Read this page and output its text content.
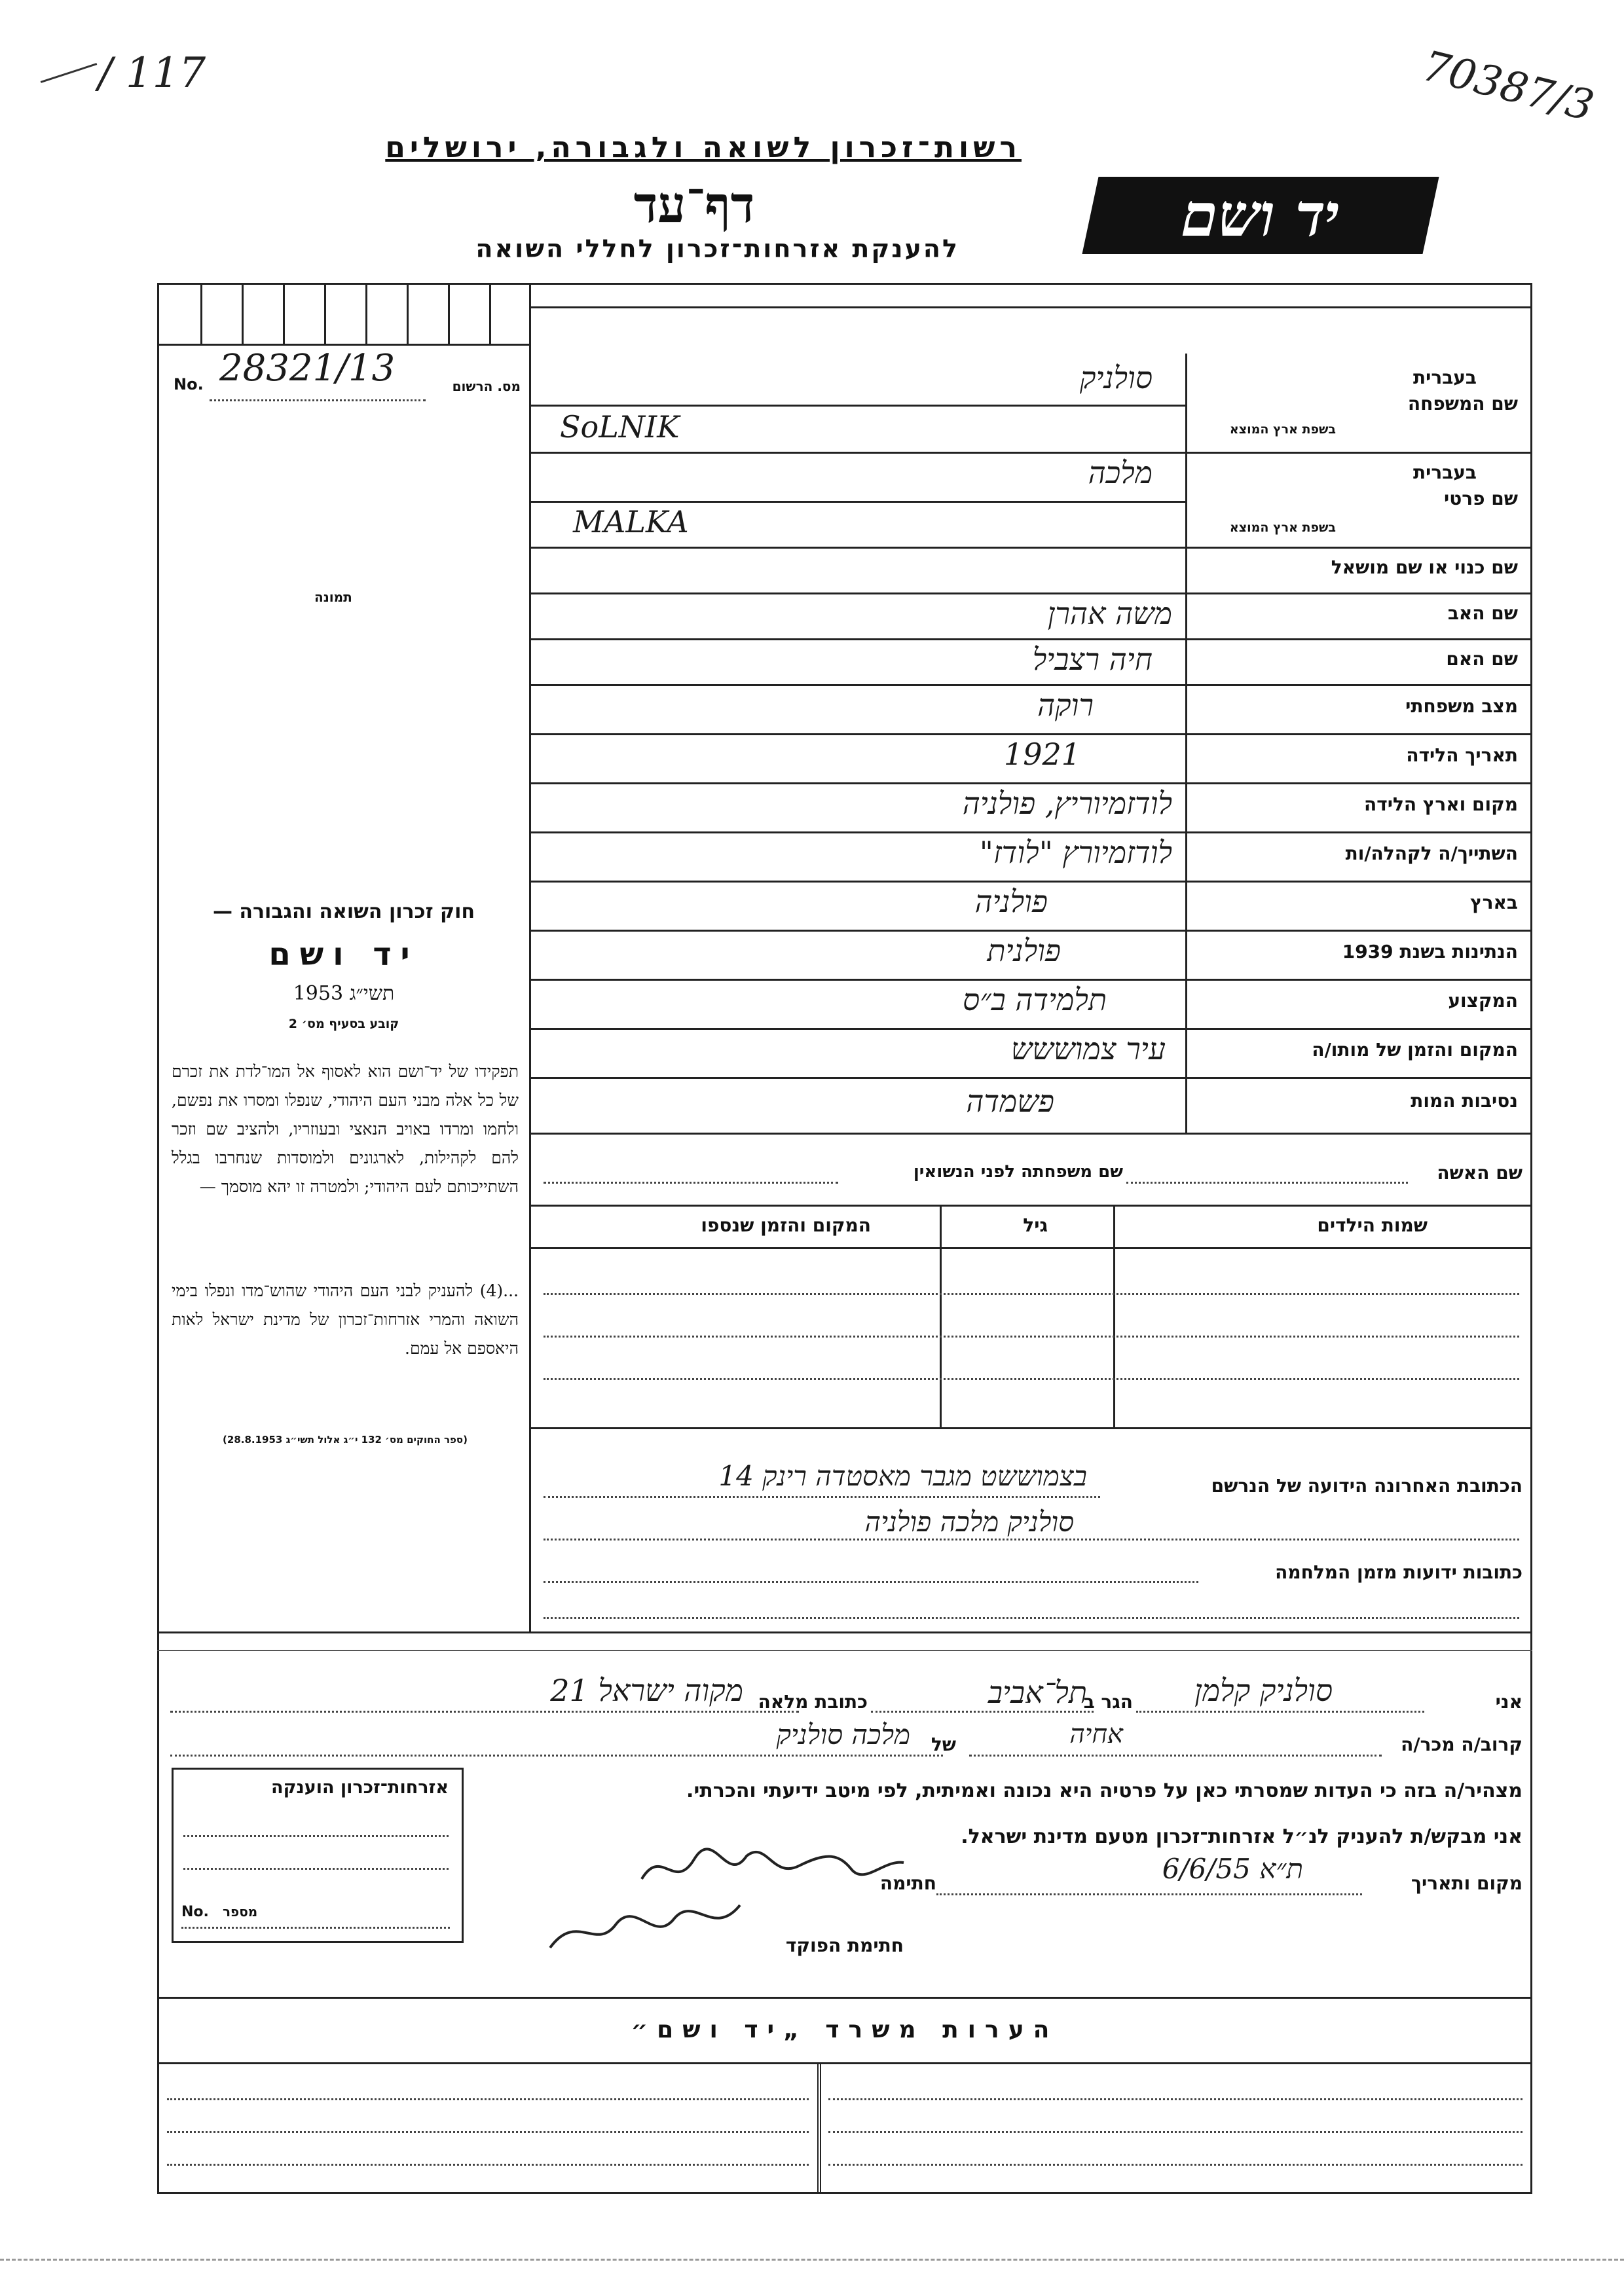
/ 117	70387/3
רשות־זכרון לשואה ולגבורה, ירושלים
יד ושם
דף־עד
להענקת אזרחות־זכרון לחללי השואה
No. 28321/13	מס. הרשום
תמונה
בעברית
שם המשפחה
בשפת ארץ המוצא
בעברית
שם פרטי
בשפת ארץ המוצא
שם כנוי או שם מושאל
שם האב
שם האם
מצב משפחתי
תאריך הלידה
מקום וארץ הלידה
השתייך/ה לקהלה/ות
בארץ
הנתינות בשנת 1939
המקצוע
המקום והזמן של מותו/ה
נסיבות המות
סולניק
SoLNIK
מלכה
MALKA
משה אהרן
חיה רצביל
רוקה
1921
לודזמיוריץ, פולניה
לודזמיורץ "לודז"
פולניה
פולנית
תלמידה ב״ס
עיר צמוששש
פשמדה
חוק זכרון השואה והגבורה —
יד ושם
תשי״ג 1953
קובע בסעיף מס׳ 2
תפקידו של יד־ושם הוא לאסוף אל המו־לדת את זכרם של כל אלה מבני העם היהודי, שנפלו ומסרו את נפשם, ולחמו ומרדו באויב הנאצי ובעוזריו, ולהציב שם וזכר להם לקהילות, לארגונים ולמוסדות שנחרבו בגלל השתייכותם לעם היהודי; ולמטרה זו יהא מוסמך —
...(4) להעניק לבני העם היהודי שהוש־מדו ונפלו בימי השואה והמרי אזרחות־זכרון של מדינת ישראל לאות היאספם אל עמם.
(ספר החוקים מס׳ 132 י״ג אלול תשי״ג 28.8.1953)
שם האשה
שם משפחתה לפני הנשואין
שמות הילדים
גיל
המקום והזמן שנספו
הכתובת האחרונה הידועה של הנרשם
בצמוששט מגבר מאסטדה רינק 14
סולניק מלכה פולניה
כתובות ידועות מזמן המלחמה
אני
סולניק קלמן
הגר ב
תל־אביב
כתובת מלאה
מקוה ישראל 21
קרוב/ה מכר/ה
אחיה
של
מלכה סולניק
מצהיר/ה בזה כי העדות שמסרתי כאן על פרטיה היא נכונה ואמיתית, לפי מיטב ידיעתי והכרתי.
אני מבקש/ת להעניק לנ״ל אזרחות־זכרון מטעם מדינת ישראל.
מקום ותאריך
ת״א 6/6/55
חתימה
חתימת הפוקד
אזרחות־זכרון הוענקה
No. מספר
הערות משרד „יד ושם״
